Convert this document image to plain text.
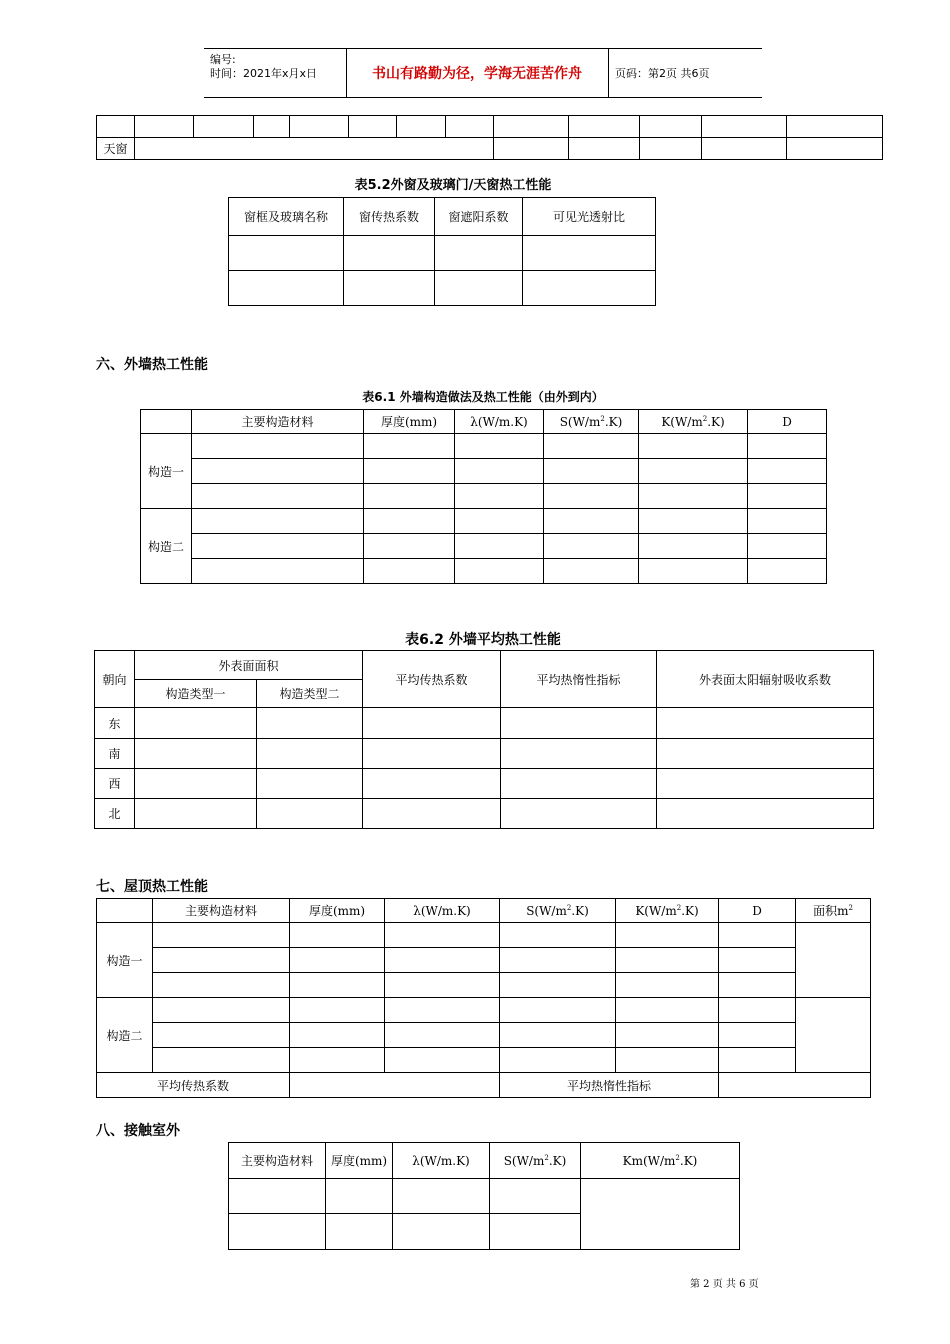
编号:
时间：2021年x月x日	书山有路勤为径，学海无涯苦作舟	页码：第2页 共6页

天窗												
表5.2外窗及玻璃门/天窗热工性能
窗框及玻璃名称	窗传热系数	窗遮阳系数	可见光透射比

六、外墙热工性能
表6.1 外墙构造做法及热工性能（由外到内）
	主要构造材料	厚度(mm)	λ(W/m.K)	$S(W/m^2.K)$	$K(W/m^2.K)$	D
构造一						

构造二						

表6.2 外墙平均热工性能
朝向	外表面面积		平均传热系数	平均热惰性指标	外表面太阳辐射吸收系数
	构造类型一	构造类型二			
东					
南					
西					
北					
七、屋顶热工性能
	主要构造材料	厚度(mm)	λ(W/m.K)	$S(W/m^2.K)$	$K(W/m^2.K)$	D	面积$m^2$
构造一							

构造二							

平均传热系数				平均热惰性指标			
八、接触室外
主要构造材料	厚度(mm)	λ(W/m.K)	$S(W/m^2.K)$	$Km(W/m^2.K)$

第 2 页 共 6 页
